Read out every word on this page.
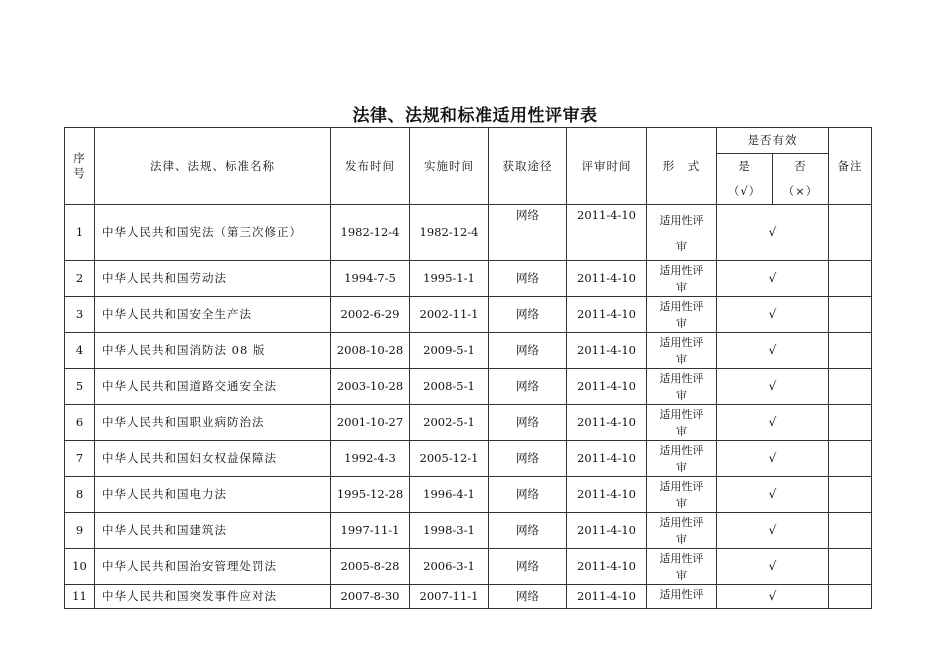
法律、法规和标准适用性评审表
序号	法律、法规、标准名称	发布时间	实施时间	获取途径	评审时间	形　式	是否有效		备注
							是	否	
							（√）	（×）	
1	中华人民共和国宪法（第三次修正）	1982-12-4	1982-12-4	网络	2011-4-10	适用性评审	√		
2	中华人民共和国劳动法	1994-7-5	1995-1-1	网络	2011-4-10	适用性评审	√		
3	中华人民共和国安全生产法	2002-6-29	2002-11-1	网络	2011-4-10	适用性评审	√		
4	中华人民共和国消防法 08 版	2008-10-28	2009-5-1	网络	2011-4-10	适用性评审	√		
5	中华人民共和国道路交通安全法	2003-10-28	2008-5-1	网络	2011-4-10	适用性评审	√		
6	中华人民共和国职业病防治法	2001-10-27	2002-5-1	网络	2011-4-10	适用性评审	√		
7	中华人民共和国妇女权益保障法	1992-4-3	2005-12-1	网络	2011-4-10	适用性评审	√		
8	中华人民共和国电力法	1995-12-28	1996-4-1	网络	2011-4-10	适用性评审	√		
9	中华人民共和国建筑法	1997-11-1	1998-3-1	网络	2011-4-10	适用性评审	√		
10	中华人民共和国治安管理处罚法	2005-8-28	2006-3-1	网络	2011-4-10	适用性评审	√		
11	中华人民共和国突发事件应对法	2007-8-30	2007-11-1	网络	2011-4-10	适用性评	√		
